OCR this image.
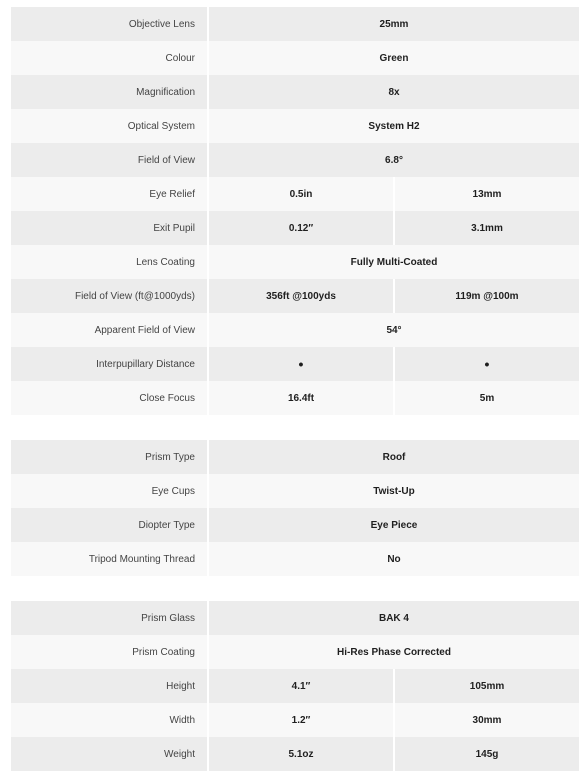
Objective Lens	25mm
Colour	Green
Magnification	8x
Optical System	System H2
Field of View	6.8°
Eye Relief	0.5in	13mm
Exit Pupil	0.12″	3.1mm
Lens Coating	Fully Multi-Coated
Field of View (ft@1000yds)	356ft @100yds	119m @100m
Apparent Field of View	54°
Interpupillary Distance	•	•
Close Focus	16.4ft	5m
Prism Type	Roof
Eye Cups	Twist-Up
Diopter Type	Eye Piece
Tripod Mounting Thread	No
Prism Glass	BAK 4
Prism Coating	Hi-Res Phase Corrected
Height	4.1″	105mm
Width	1.2″	30mm
Weight	5.1oz	145g
